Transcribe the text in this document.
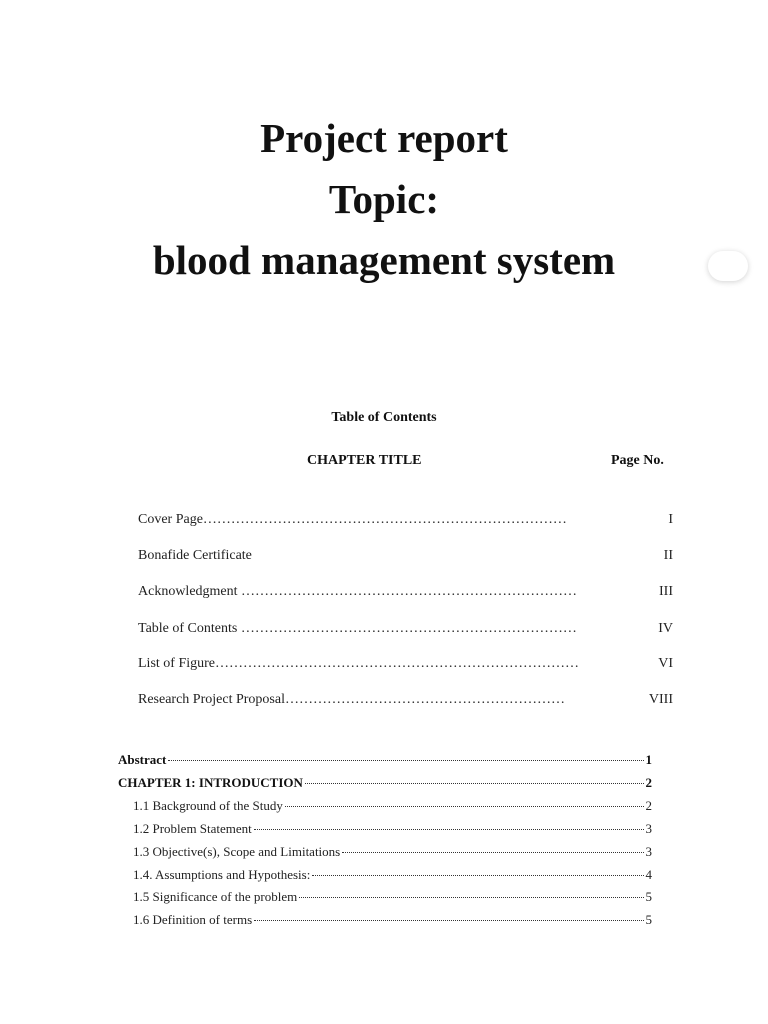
Project report
Topic:
blood management system
Table of Contents
CHAPTER TITLE	Page No.
Cover Page……………………………………………………………………	I
Bonafide Certificate	II
Acknowledgment ………………………………………………………………	III
Table of Contents ………………………………………………………………	IV
List of Figure……………………………………………………………………	VI
Research Project Proposal……………………………………………………	VIII
Abstract	1
CHAPTER 1: INTRODUCTION	2
1.1 Background of the Study	2
1.2 Problem Statement	3
1.3 Objective(s), Scope and Limitations	3
1.4. Assumptions and Hypothesis:	4
1.5 Significance of the problem	5
1.6 Definition of terms	5
